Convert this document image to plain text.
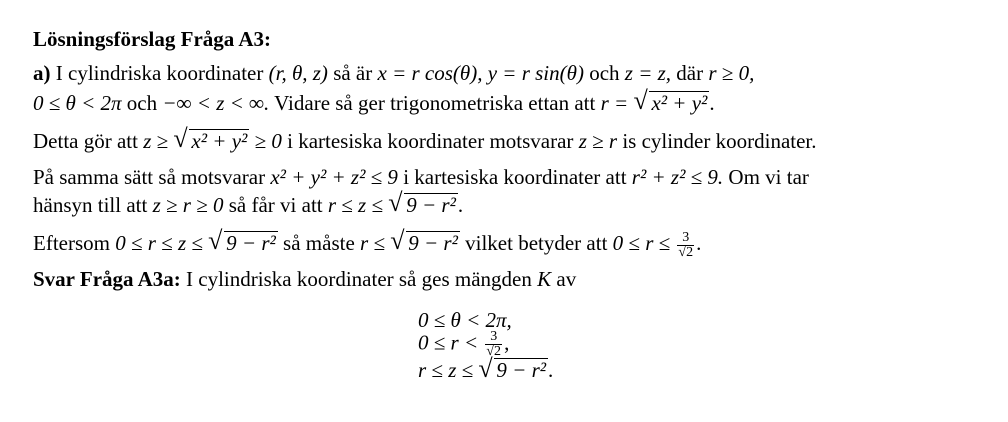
Lösningsförslag Fråga A3:
a) I cylindriska koordinater (r, θ, z) så är x = r cos(θ), y = r sin(θ) och z = z, där r ≥ 0,
0 ≤ θ < 2π och −∞ < z < ∞. Vidare så ger trigonometriska ettan att r = √ x² + y².
Detta gör att z ≥ √ x² + y² ≥ 0 i kartesiska koordinater motsvarar z ≥ r is cylinder koordinater.
På samma sätt så motsvarar x² + y² + z² ≤ 9 i kartesiska koordinater att r² + z² ≤ 9. Om vi tar
hänsyn till att z ≥ r ≥ 0 så får vi att r ≤ z ≤ √ 9 − r².
Eftersom 0 ≤ r ≤ z ≤ √ 9 − r² så måste r ≤ √ 9 − r² vilket betyder att $0 \le r \le \frac{3}{√2}$ .
Svar Fråga A3a: I cylindriska koordinater så ges mängden K av
0 ≤ θ < 2π,
$0 \le r < \frac{3}{√2}$ ,
r ≤ z ≤ √ 9 − r².
